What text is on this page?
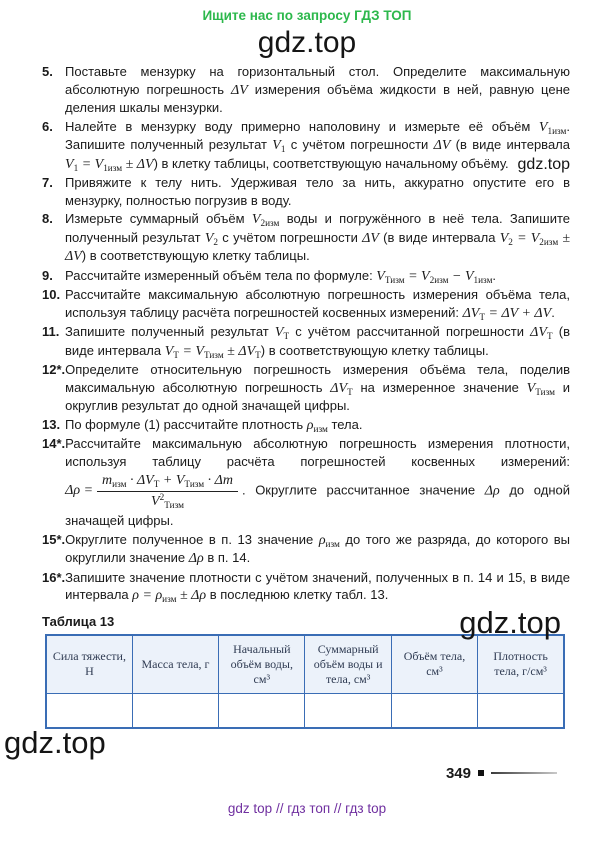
Ищите нас по запросу ГДЗ ТОП
gdz.top
5. Поставьте мензурку на горизонтальный стол. Определите максимальную абсолютную погрешность ΔV измерения объёма жидкости в ней, равную цене деления шкалы мензурки.
6. Налейте в мензурку воду примерно наполовину и измерьте её объём $V_{1изм}$. Запишите полученный результат $V_1$ с учётом погрешности ΔV (в виде интервала $V_1 = V_{1изм} \pm \Delta V$) в клетку таблицы, соответствующую начальному объёму. gdz.top
7. Привяжите к телу нить. Удерживая тело за нить, аккуратно опустите его в мензурку, полностью погрузив в воду.
8. Измерьте суммарный объём $V_{2изм}$ воды и погружённого в неё тела. Запишите полученный результат $V_2$ с учётом погрешности ΔV (в виде интервала $V_2 = V_{2изм} \pm \Delta V$) в соответствующую клетку таблицы.
9. Рассчитайте измеренный объём тела по формуле: $V_{Тизм} = V_{2изм} - V_{1изм}$.
10. Рассчитайте максимальную абсолютную погрешность измерения объёма тела, используя таблицу расчёта погрешностей косвенных измерений: $\Delta V_Т = \Delta V + \Delta V$.
11. Запишите полученный результат $V_Т$ с учётом рассчитанной погрешности $\Delta V_Т$ (в виде интервала $V_Т = V_{Тизм} \pm \Delta V_Т$) в соответствующую клетку таблицы.
12*. Определите относительную погрешность измерения объёма тела, поделив максимальную абсолютную погрешность $\Delta V_Т$ на измеренное значение $V_{Тизм}$ и округлив результат до одной значащей цифры.
13. По формуле (1) рассчитайте плотность $\rho_{изм}$ тела.
14*. Рассчитайте максимальную абсолютную погрешность измерения плотности, используя таблицу расчёта погрешностей косвенных измерений:
$\Delta\rho = \frac{m_{изм} \cdot \Delta V_Т + V_{Тизм} \cdot \Delta m}{V^2_{Тизм}}$ . Округлите рассчитанное значение Δρ до одной значащей цифры.
15*. Округлите полученное в п. 13 значение $\rho_{изм}$ до того же разряда, до которого вы округлили значение Δρ в п. 14.
16*. Запишите значение плотности с учётом значений, полученных в п. 14 и 15, в виде интервала $\rho = \rho_{изм} \pm \Delta\rho$ в последнюю клетку табл. 13.
Таблица 13	gdz.top
Сила тяжести, Н	Масса тела, г	Начальный объём воды, см³	Суммарный объём воды и тела, см³	Объём тела, см³	Плотность тела, г/см³

gdz.top
349
gdz top // гдз топ // гдз top
